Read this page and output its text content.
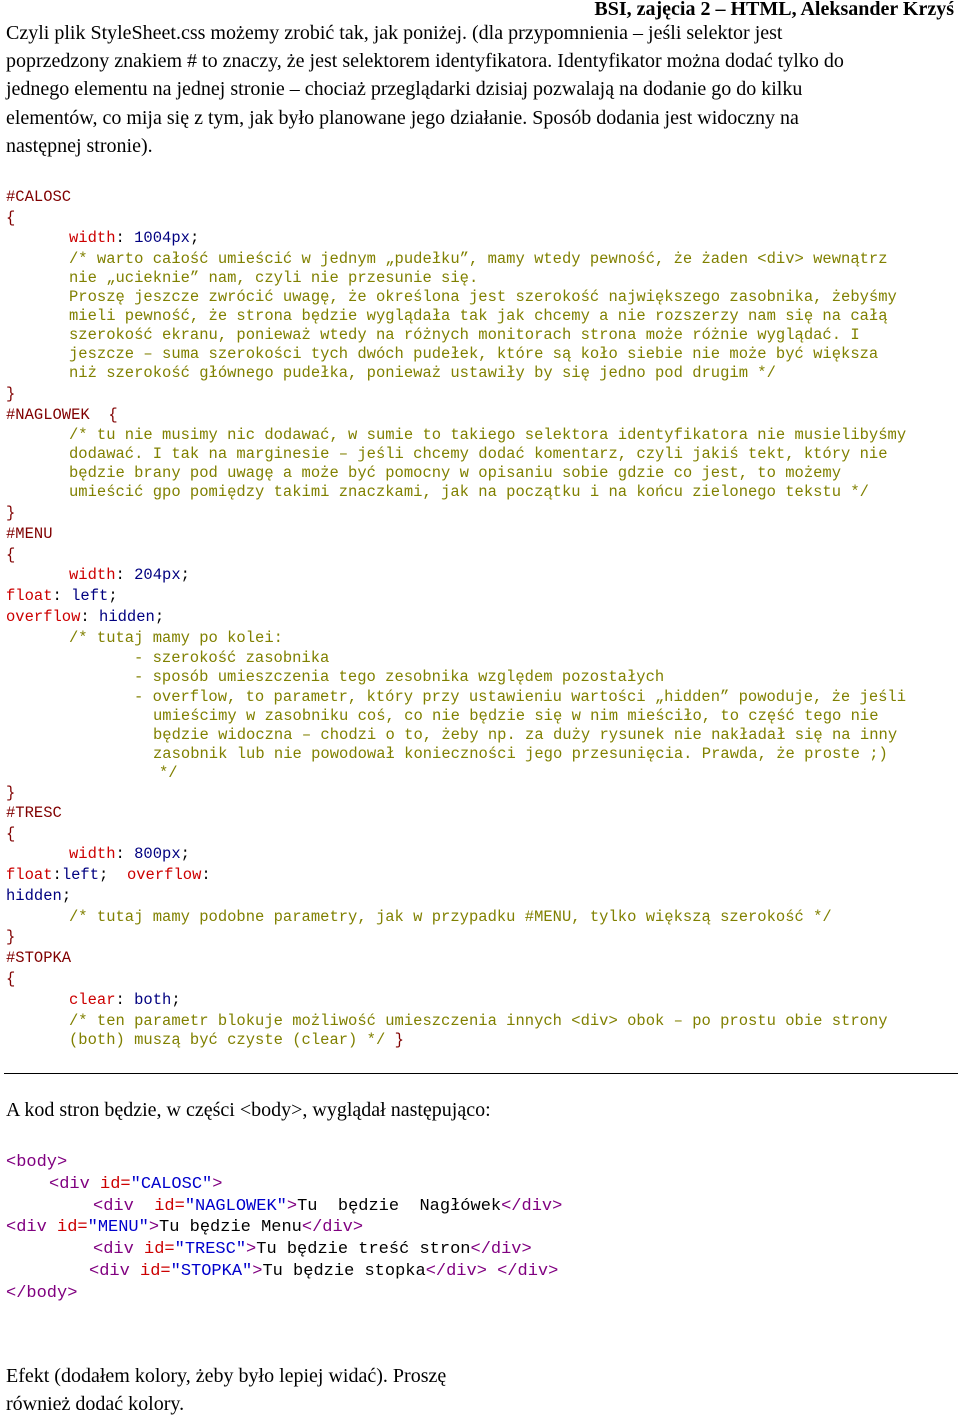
BSI, zajęcia 2 – HTML, Aleksander Krzyś
Czyli plik StyleSheet.css możemy zrobić tak, jak poniżej. (dla przypomnienia – jeśli selektor jest
poprzedzony znakiem # to znaczy, że jest selektorem identyfikatora. Identyfikator można dodać tylko do
jednego elementu na jednej stronie – chociaż przeglądarki dzisiaj pozwalają na dodanie go do kilku
elementów, co mija się z tym, jak było planowane jego działanie. Sposób dodania jest widoczny na
następnej stronie).
#CALOSC
{
width: 1004px;
/* warto całość umieścić w jednym „pudełku”, mamy wtedy pewność, że żaden <div> wewnątrz
nie „ucieknie” nam, czyli nie przesunie się.
Proszę jeszcze zwrócić uwagę, że określona jest szerokość największego zasobnika, żebyśmy
mieli pewność, że strona będzie wyglądała tak jak chcemy a nie rozszerzy nam się na całą
szerokość ekranu, ponieważ wtedy na różnych monitorach strona może różnie wyglądać. I
jeszcze – suma szerokości tych dwóch pudełek, które są koło siebie nie może być większa
niż szerokość głównego pudełka, ponieważ ustawiły by się jedno pod drugim */
}
#NAGLOWEK {
/* tu nie musimy nic dodawać, w sumie to takiego selektora identyfikatora nie musielibyśmy
dodawać. I tak na marginesie – jeśli chcemy dodać komentarz, czyli jakiś tekt, który nie
będzie brany pod uwagę a może być pomocny w opisaniu sobie gdzie co jest, to możemy
umieścić gpo pomiędzy takimi znaczkami, jak na początku i na końcu zielonego tekstu */
}
#MENU
{
width: 204px;
float: left;
overflow: hidden;
/* tutaj mamy po kolei:
- szerokość zasobnika
- sposób umieszczenia tego zesobnika względem pozostałych
- overflow, to parametr, który przy ustawieniu wartości „hidden” powoduje, że jeśli
umieścimy w zasobniku coś, co nie będzie się w nim mieściło, to część tego nie
będzie widoczna – chodzi o to, żeby np. za duży rysunek nie nakładał się na inny
zasobnik lub nie powodował konieczności jego przesunięcia. Prawda, że proste ;)
*/
}
#TRESC
{
width: 800px;
float:left;  overflow:
hidden;
/* tutaj mamy podobne parametry, jak w przypadku #MENU, tylko większą szerokość */
}
#STOPKA
{
clear: both;
/* ten parametr blokuje możliwość umieszczenia innych <div> obok – po prostu obie strony
(both) muszą być czyste (clear) */ }
A kod stron będzie, w części <body>, wyglądał następująco:
<body>
<div id="CALOSC">
<div id="NAGLOWEK">Tu  będzie  Nagłówek</div>
<div id="MENU">Tu będzie Menu</div>
<div id="TRESC">Tu będzie treść stron</div>
<div id="STOPKA">Tu będzie stopka</div> </div>
</body>
Efekt (dodałem kolory, żeby było lepiej widać). Proszę
również dodać kolory.
